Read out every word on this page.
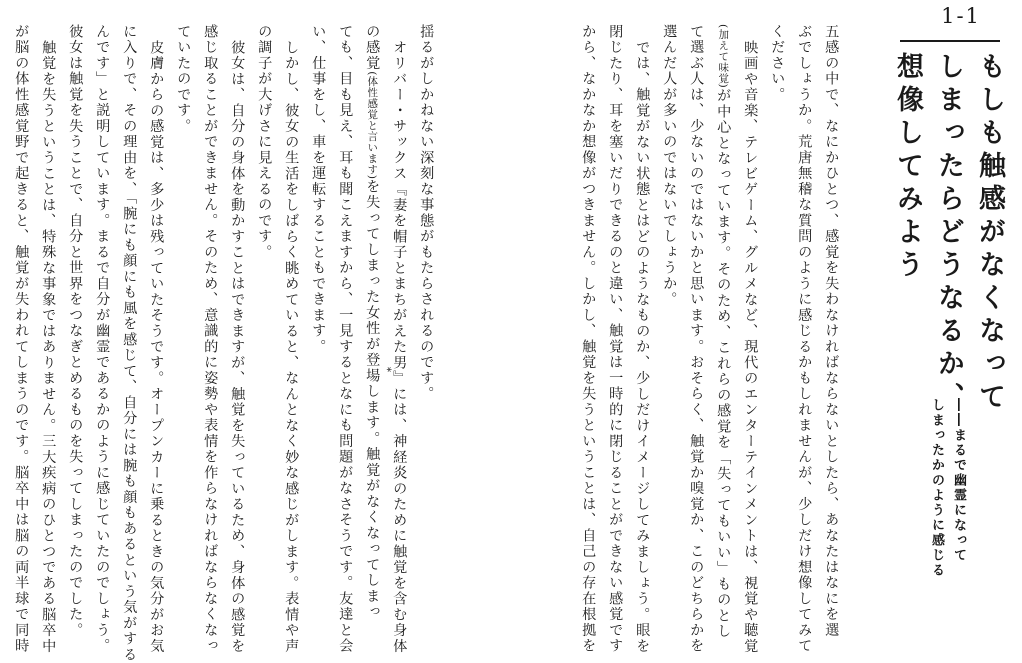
1-1
もしも触感がなくなって
しまったらどうなるか、
想像してみよう
――まるで幽霊になって
しまったかのように感じる
五感の中で、なにかひとつ、感覚を失わなければならないとしたら、あなたはなにを選
ぶでしょうか。荒唐無稽な質問のように感じるかもしれませんが、少しだけ想像してみて
ください。
映画や音楽、テレビゲーム、グルメなど、現代のエンターテインメントは、視覚や聴覚
(加えて味覚)が中心となっています。そのため、これらの感覚を「失ってもいい」ものとし
て選ぶ人は、少ないのではないかと思います。おそらく、触覚か嗅覚か、このどちらかを
選んだ人が多いのではないでしょうか。
では、触覚がない状態とはどのようなものか、少しだけイメージしてみましょう。眼を
閉じたり、耳を塞いだりできるのと違い、触覚は一時的に閉じることができない感覚です
から、なかなか想像がつきません。しかし、触覚を失うということは、自己の存在根拠を
揺るがしかねない深刻な事態がもたらされるのです。
オリバー・サックス『妻を帽子とまちがえた男』には、神経炎のために触覚を含む身体
の感覚(体性感覚と言います)を失ってしまった女性が登場します。触覚がなくなってしまっ *
ても、目も見え、耳も聞こえますから、一見するとなにも問題がなさそうです。友達と会
い、仕事をし、車を運転することもできます。
しかし、彼女の生活をしばらく眺めていると、なんとなく妙な感じがします。表情や声
の調子が大げさに見えるのです。
彼女は、自分の身体を動かすことはできますが、触覚を失っているため、身体の感覚を
感じ取ることができません。そのため、意識的に姿勢や表情を作らなければならなくなっ
ていたのです。
皮膚からの感覚は、多少は残っていたそうです。オープンカーに乗るときの気分がお気
に入りで、その理由を、「腕にも顔にも風を感じて、自分には腕も顔もあるという気がする
んです」と説明しています。まるで自分が幽霊であるかのように感じていたのでしょう。
彼女は触覚を失うことで、自分と世界をつなぎとめるものを失ってしまったのでした。
触覚を失うということは、特殊な事象ではありません。三大疾病のひとつである脳卒中
が脳の体性感覚野で起きると、触覚が失われてしまうのです。脳卒中は脳の両半球で同時
